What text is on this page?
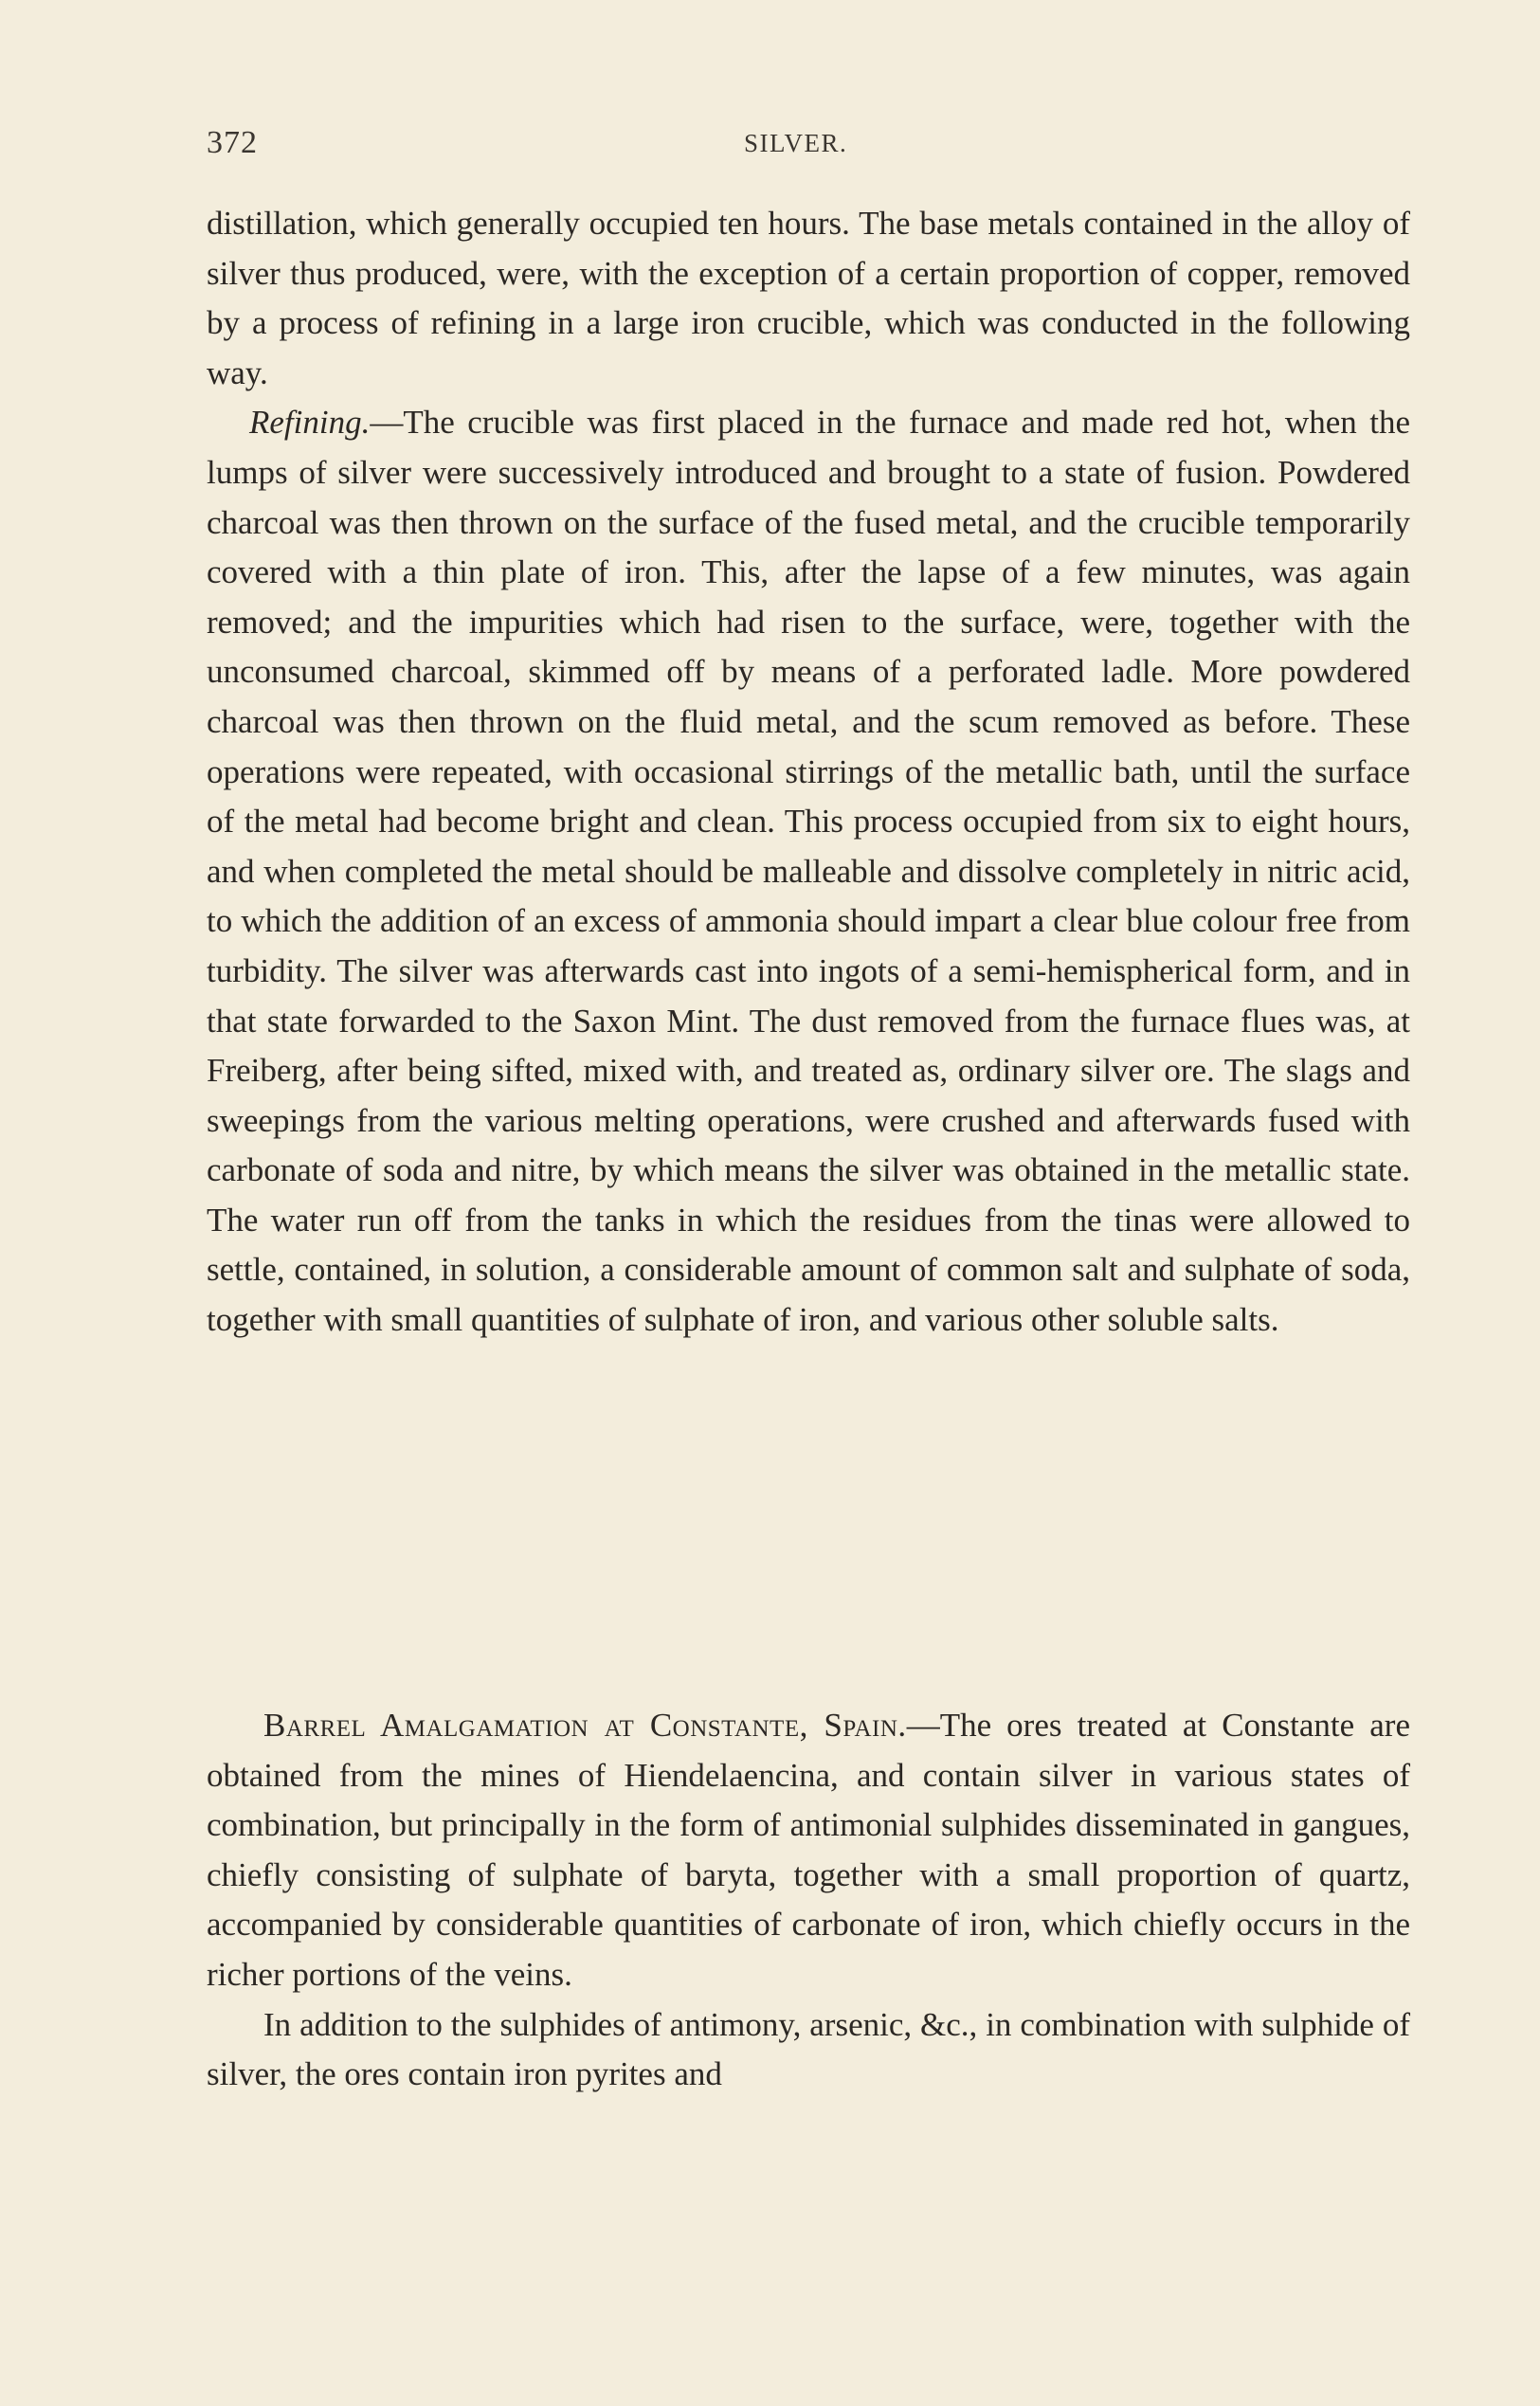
372	SILVER.

distillation, which generally occupied ten hours. The base metals contained in the alloy of silver thus produced, were, with the exception of a certain proportion of copper, removed by a process of refining in a large iron crucible, which was conducted in the following way.

Refining.—The crucible was first placed in the furnace and made red hot, when the lumps of silver were successively introduced and brought to a state of fusion. Powdered charcoal was then thrown on the surface of the fused metal, and the crucible temporarily covered with a thin plate of iron. This, after the lapse of a few minutes, was again removed; and the impurities which had risen to the surface, were, together with the unconsumed charcoal, skimmed off by means of a perforated ladle. More powdered charcoal was then thrown on the fluid metal, and the scum removed as before. These operations were repeated, with occasional stirrings of the metallic bath, until the surface of the metal had become bright and clean. This process occupied from six to eight hours, and when completed the metal should be malleable and dissolve completely in nitric acid, to which the addition of an excess of ammonia should impart a clear blue colour free from turbidity. The silver was afterwards cast into ingots of a semi-hemispherical form, and in that state forwarded to the Saxon Mint. The dust removed from the furnace flues was, at Freiberg, after being sifted, mixed with, and treated as, ordinary silver ore. The slags and sweepings from the various melting operations, were crushed and afterwards fused with carbonate of soda and nitre, by which means the silver was obtained in the metallic state. The water run off from the tanks in which the residues from the tinas were allowed to settle, contained, in solution, a considerable amount of common salt and sulphate of soda, together with small quantities of sulphate of iron, and various other soluble salts.

Barrel Amalgamation at Constante, Spain.—The ores treated at Constante are obtained from the mines of Hiendelaencina, and contain silver in various states of combination, but principally in the form of antimonial sulphides disseminated in gangues, chiefly consisting of sulphate of baryta, together with a small proportion of quartz, accompanied by considerable quantities of carbonate of iron, which chiefly occurs in the richer portions of the veins.

In addition to the sulphides of antimony, arsenic, &c., in combination with sulphide of silver, the ores contain iron pyrites and
